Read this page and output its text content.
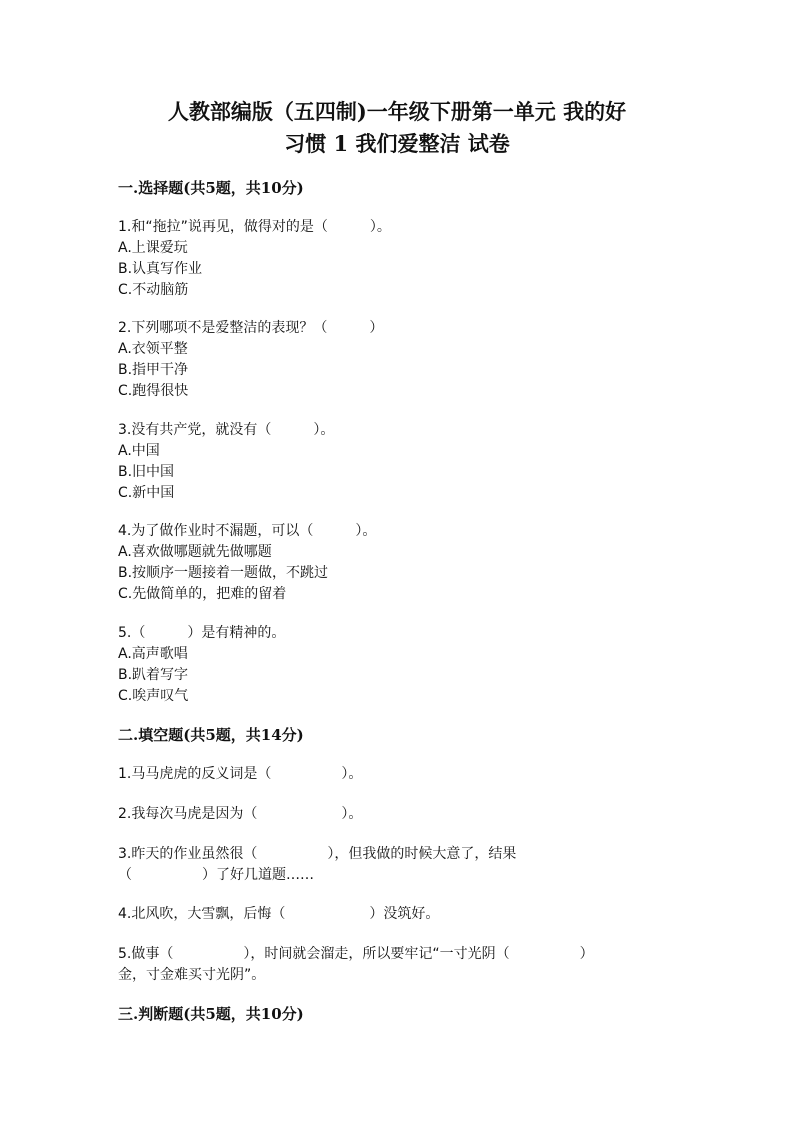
人教部编版（五四制)一年级下册第一单元 我的好
习惯 1 我们爱整洁 试卷
一.选择题(共5题，共10分)
1.和“拖拉”说再见，做得对的是（　　　）。
A.上课爱玩
B.认真写作业
C.不动脑筋
2.下列哪项不是爱整洁的表现？（　　　）
A.衣领平整
B.指甲干净
C.跑得很快
3.没有共产党，就没有（　　　）。
A.中国
B.旧中国
C.新中国
4.为了做作业时不漏题，可以（　　　）。
A.喜欢做哪题就先做哪题
B.按顺序一题接着一题做，不跳过
C.先做简单的，把难的留着
5.（　　　）是有精神的。
A.高声歌唱
B.趴着写字
C.唉声叹气
二.填空题(共5题，共14分)
1.马马虎虎的反义词是（　　　　　）。
2.我每次马虎是因为（　　　　　　）。
3.昨天的作业虽然很（　　　　　），但我做的时候大意了，结果
（　　　　　）了好几道题……
4.北风吹，大雪飘，后悔（　　　　　　）没筑好。
5.做事（　　　　　），时间就会溜走，所以要牢记“一寸光阴（　　　　　）
金，寸金难买寸光阴”。
三.判断题(共5题，共10分)
